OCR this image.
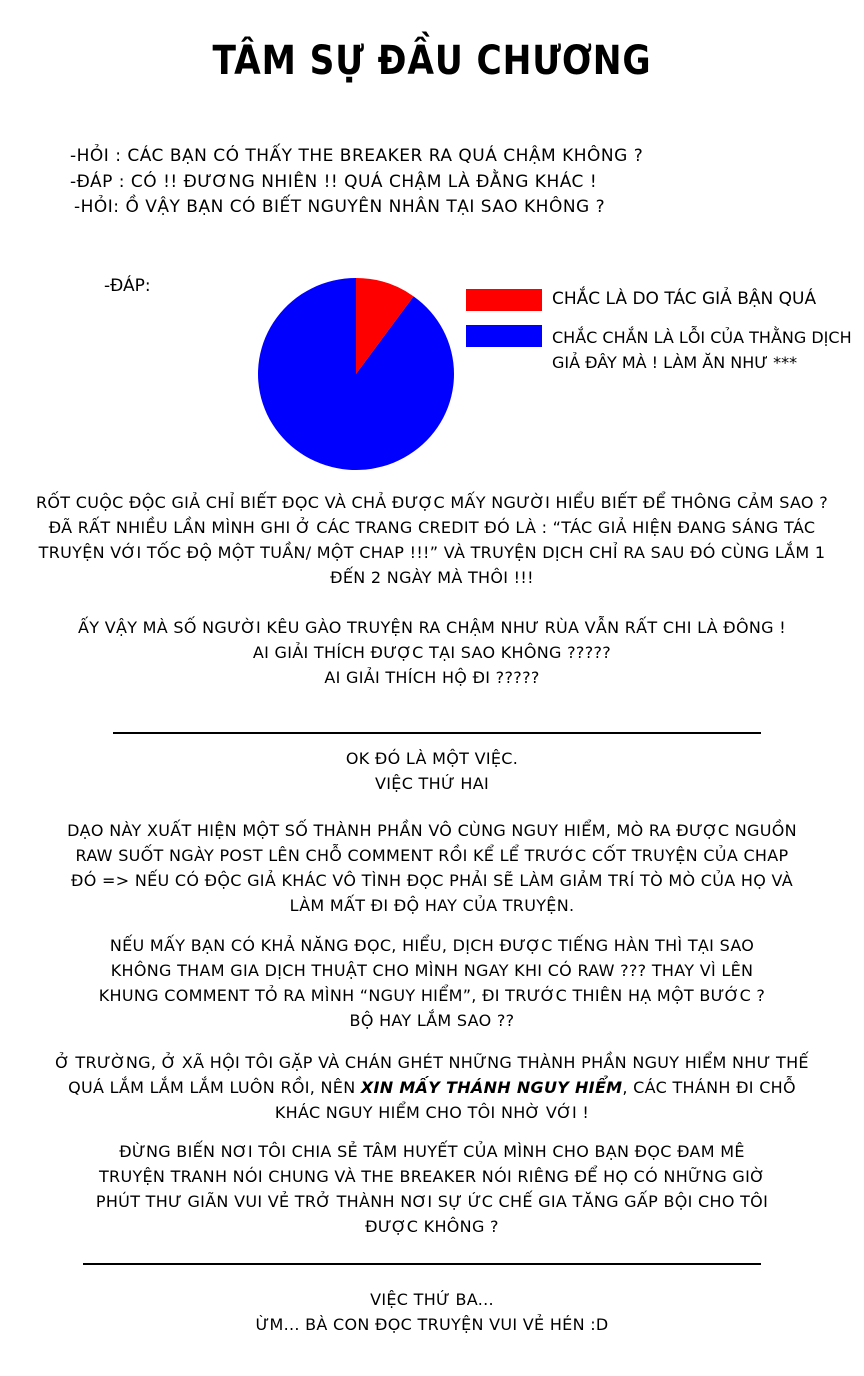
TÂM SỰ ĐẦU CHƯƠNG
-HỎI : CÁC BẠN CÓ THẤY THE BREAKER RA QUÁ CHẬM KHÔNG ?
-ĐÁP : CÓ !! ĐƯƠNG NHIÊN !! QUÁ CHẬM LÀ ĐẰNG KHÁC !
-HỎI: Ồ VẬY BẠN CÓ BIẾT NGUYÊN NHÂN TẠI SAO KHÔNG ?
-ĐÁP:
CHẮC LÀ DO TÁC GIẢ BẬN QUÁ
CHẮC CHẮN LÀ LỖI CỦA THẰNG DỊCH
GIẢ ĐÂY MÀ ! LÀM ĂN NHƯ ***
RỐT CUỘC ĐỘC GIẢ CHỈ BIẾT ĐỌC VÀ CHẢ ĐƯỢC MẤY NGƯỜI HIỂU BIẾT ĐỂ THÔNG CẢM SAO ?
ĐÃ RẤT NHIỀU LẦN MÌNH GHI Ở CÁC TRANG CREDIT ĐÓ LÀ : “TÁC GIẢ HIỆN ĐANG SÁNG TÁC
TRUYỆN VỚI TỐC ĐỘ MỘT TUẦN/ MỘT CHAP !!!” VÀ TRUYỆN DỊCH CHỈ RA SAU ĐÓ CÙNG LẮM 1
ĐẾN 2 NGÀY MÀ THÔI !!!
ẤY VẬY MÀ SỐ NGƯỜI KÊU GÀO TRUYỆN RA CHẬM NHƯ RÙA VẪN RẤT CHI LÀ ĐÔNG !
AI GIẢI THÍCH ĐƯỢC TẠI SAO KHÔNG ?????
AI GIẢI THÍCH HỘ ĐI ?????
OK ĐÓ LÀ MỘT VIỆC.
VIỆC THỨ HAI
DẠO NÀY XUẤT HIỆN MỘT SỐ THÀNH PHẦN VÔ CÙNG NGUY HIỂM, MÒ RA ĐƯỢC NGUỒN
RAW SUỐT NGÀY POST LÊN CHỖ COMMENT RỒI KỂ LỂ TRƯỚC CỐT TRUYỆN CỦA CHAP
ĐÓ => NẾU CÓ ĐỘC GIẢ KHÁC VÔ TÌNH ĐỌC PHẢI SẼ LÀM GIẢM TRÍ TÒ MÒ CỦA HỌ VÀ
LÀM MẤT ĐI ĐỘ HAY CỦA TRUYỆN.
NẾU MẤY BẠN CÓ KHẢ NĂNG ĐỌC, HIỂU, DỊCH ĐƯỢC TIẾNG HÀN THÌ TẠI SAO
KHÔNG THAM GIA DỊCH THUẬT CHO MÌNH NGAY KHI CÓ RAW ??? THAY VÌ LÊN
KHUNG COMMENT TỎ RA MÌNH “NGUY HIỂM”, ĐI TRƯỚC THIÊN HẠ MỘT BƯỚC ?
BỘ HAY LẮM SAO ??
Ở TRƯỜNG, Ở XÃ HỘI TÔI GẶP VÀ CHÁN GHÉT NHỮNG THÀNH PHẦN NGUY HIỂM NHƯ THẾ
QUÁ LẮM LẮM LẮM LUÔN RỒI, NÊN XIN MẤY THÁNH NGUY HIỂM, CÁC THÁNH ĐI CHỖ
KHÁC NGUY HIỂM CHO TÔI NHỜ VỚI !
ĐỪNG BIẾN NƠI TÔI CHIA SẺ TÂM HUYẾT CỦA MÌNH CHO BẠN ĐỌC ĐAM MÊ
TRUYỆN TRANH NÓI CHUNG VÀ THE BREAKER NÓI RIÊNG ĐỂ HỌ CÓ NHỮNG GIỜ
PHÚT THƯ GIÃN VUI VẺ TRỞ THÀNH NƠI SỰ ỨC CHẾ GIA TĂNG GẤP BỘI CHO TÔI
ĐƯỢC KHÔNG ?
VIỆC THỨ BA...
ỪM... BÀ CON ĐỌC TRUYỆN VUI VẺ HÉN :D
